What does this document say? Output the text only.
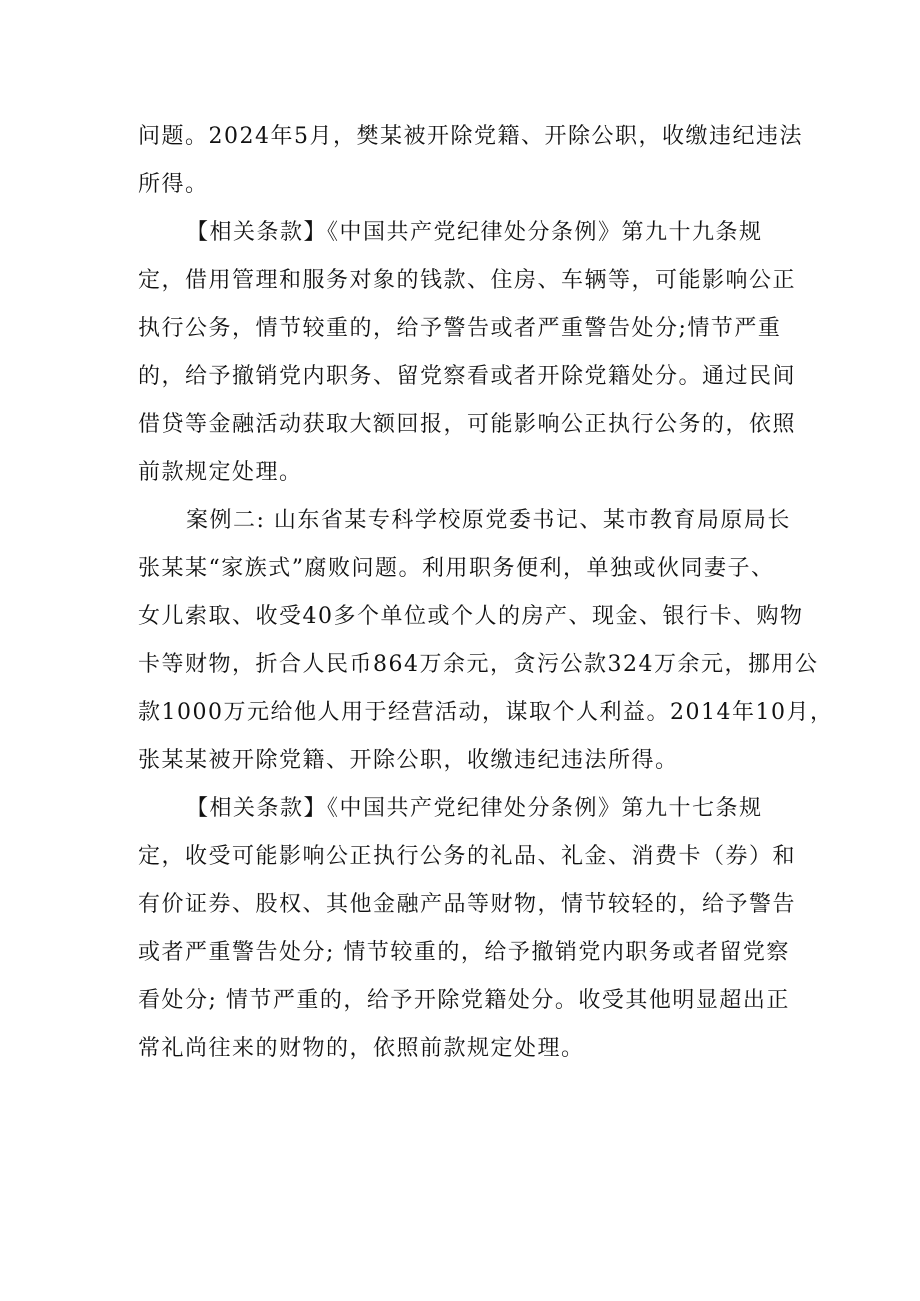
问题。2024年5月，樊某被开除党籍、开除公职，收缴违纪违法
所得。

【相关条款】《中国共产党纪律处分条例》第九十九条规
定，借用管理和服务对象的钱款、住房、车辆等，可能影响公正
执行公务，情节较重的，给予警告或者严重警告处分;情节严重
的，给予撤销党内职务、留党察看或者开除党籍处分。通过民间
借贷等金融活动获取大额回报，可能影响公正执行公务的，依照
前款规定处理。

案例二: 山东省某专科学校原党委书记、某市教育局原局长
张某某“家族式”腐败问题。利用职务便利，单独或伙同妻子、
女儿索取、收受40多个单位或个人的房产、现金、银行卡、购物
卡等财物，折合人民币864万余元，贪污公款324万余元，挪用公
款1000万元给他人用于经营活动，谋取个人利益。2014年10月，
张某某被开除党籍、开除公职，收缴违纪违法所得。

【相关条款】《中国共产党纪律处分条例》第九十七条规
定，收受可能影响公正执行公务的礼品、礼金、消费卡（券）和
有价证券、股权、其他金融产品等财物，情节较轻的，给予警告
或者严重警告处分; 情节较重的，给予撤销党内职务或者留党察
看处分; 情节严重的，给予开除党籍处分。收受其他明显超出正
常礼尚往来的财物的，依照前款规定处理。
